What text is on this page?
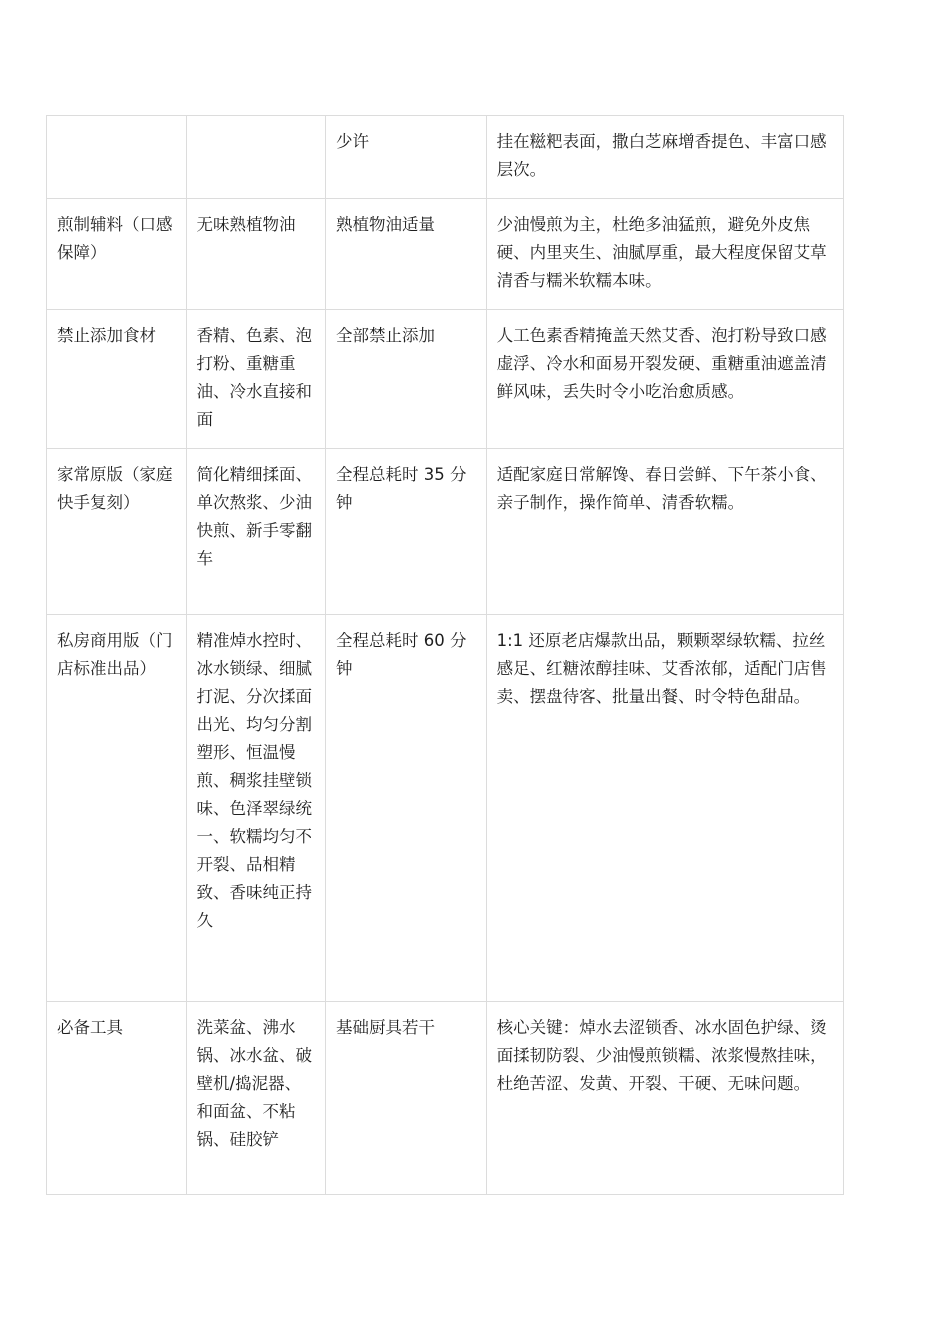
		少许	挂在糍粑表面，撒白芝麻增香提色、丰富口感层次。
煎制辅料（口感保障）	无味熟植物油	熟植物油适量	少油慢煎为主，杜绝多油猛煎，避免外皮焦硬、内里夹生、油腻厚重，最大程度保留艾草清香与糯米软糯本味。
禁止添加食材	香精、色素、泡打粉、重糖重油、冷水直接和面	全部禁止添加	人工色素香精掩盖天然艾香、泡打粉导致口感虚浮、冷水和面易开裂发硬、重糖重油遮盖清鲜风味，丢失时令小吃治愈质感。
家常原版（家庭快手复刻）	简化精细揉面、单次熬浆、少油快煎、新手零翻车	全程总耗时 35 分钟	适配家庭日常解馋、春日尝鲜、下午茶小食、亲子制作，操作简单、清香软糯。
私房商用版（门店标准出品）	精准焯水控时、冰水锁绿、细腻打泥、分次揉面出光、均匀分割塑形、恒温慢煎、稠浆挂壁锁味、色泽翠绿统一、软糯均匀不开裂、品相精致、香味纯正持久	全程总耗时 60 分钟	1:1 还原老店爆款出品，颗颗翠绿软糯、拉丝感足、红糖浓醇挂味、艾香浓郁，适配门店售卖、摆盘待客、批量出餐、时令特色甜品。
必备工具	洗菜盆、沸水锅、冰水盆、破壁机/捣泥器、和面盆、不粘锅、硅胶铲	基础厨具若干	核心关键：焯水去涩锁香、冰水固色护绿、烫面揉韧防裂、少油慢煎锁糯、浓浆慢熬挂味，杜绝苦涩、发黄、开裂、干硬、无味问题。
